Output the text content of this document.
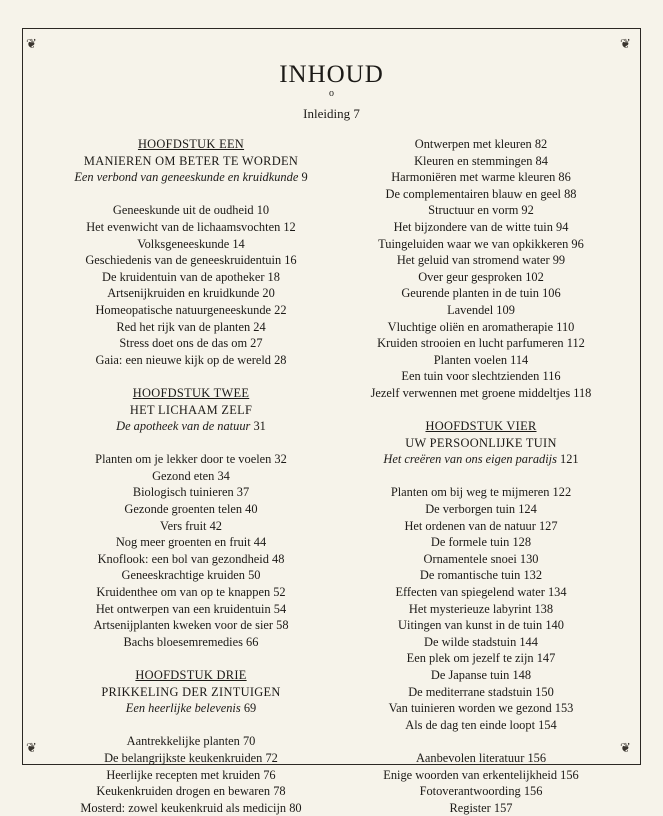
❦	❦
❦	❦
INHOUD
o
Inleiding 7
HOOFDSTUK EEN
MANIEREN OM BETER TE WORDEN
Een verbond van geneeskunde en kruidkunde 9
Geneeskunde uit de oudheid 10
Het evenwicht van de lichaamsvochten 12
Volksgeneeskunde 14
Geschiedenis van de geneeskruidentuin 16
De kruidentuin van de apotheker 18
Artsenijkruiden en kruidkunde 20
Homeopatische natuurgeneeskunde 22
Red het rijk van de planten 24
Stress doet ons de das om 27
Gaia: een nieuwe kijk op de wereld 28
HOOFDSTUK TWEE
HET LICHAAM ZELF
De apotheek van de natuur 31
Planten om je lekker door te voelen 32
Gezond eten 34
Biologisch tuinieren 37
Gezonde groenten telen 40
Vers fruit 42
Nog meer groenten en fruit 44
Knoflook: een bol van gezondheid 48
Geneeskrachtige kruiden 50
Kruidenthee om van op te knappen 52
Het ontwerpen van een kruidentuin 54
Artsenijplanten kweken voor de sier 58
Bachs bloesemremedies 66
HOOFDSTUK DRIE
PRIKKELING DER ZINTUIGEN
Een heerlijke belevenis 69
Aantrekkelijke planten 70
De belangrijkste keukenkruiden 72
Heerlijke recepten met kruiden 76
Keukenkruiden drogen en bewaren 78
Mosterd: zowel keukenkruid als medicijn 80
Ontwerpen met kleuren 82
Kleuren en stemmingen 84
Harmoniëren met warme kleuren 86
De complementairen blauw en geel 88
Structuur en vorm 92
Het bijzondere van de witte tuin 94
Tuingeluiden waar we van opkikkeren 96
Het geluid van stromend water 99
Over geur gesproken 102
Geurende planten in de tuin 106
Lavendel 109
Vluchtige oliën en aromatherapie 110
Kruiden strooien en lucht parfumeren 112
Planten voelen 114
Een tuin voor slechtzienden 116
Jezelf verwennen met groene middeltjes 118
HOOFDSTUK VIER
UW PERSOONLIJKE TUIN
Het creëren van ons eigen paradijs 121
Planten om bij weg te mijmeren 122
De verborgen tuin 124
Het ordenen van de natuur 127
De formele tuin 128
Ornamentele snoei 130
De romantische tuin 132
Effecten van spiegelend water 134
Het mysterieuze labyrint 138
Uitingen van kunst in de tuin 140
De wilde stadstuin 144
Een plek om jezelf te zijn 147
De Japanse tuin 148
De mediterrane stadstuin 150
Van tuinieren worden we gezond 153
Als de dag ten einde loopt 154
Aanbevolen literatuur 156
Enige woorden van erkentelijkheid 156
Fotoverantwoording 156
Register 157
